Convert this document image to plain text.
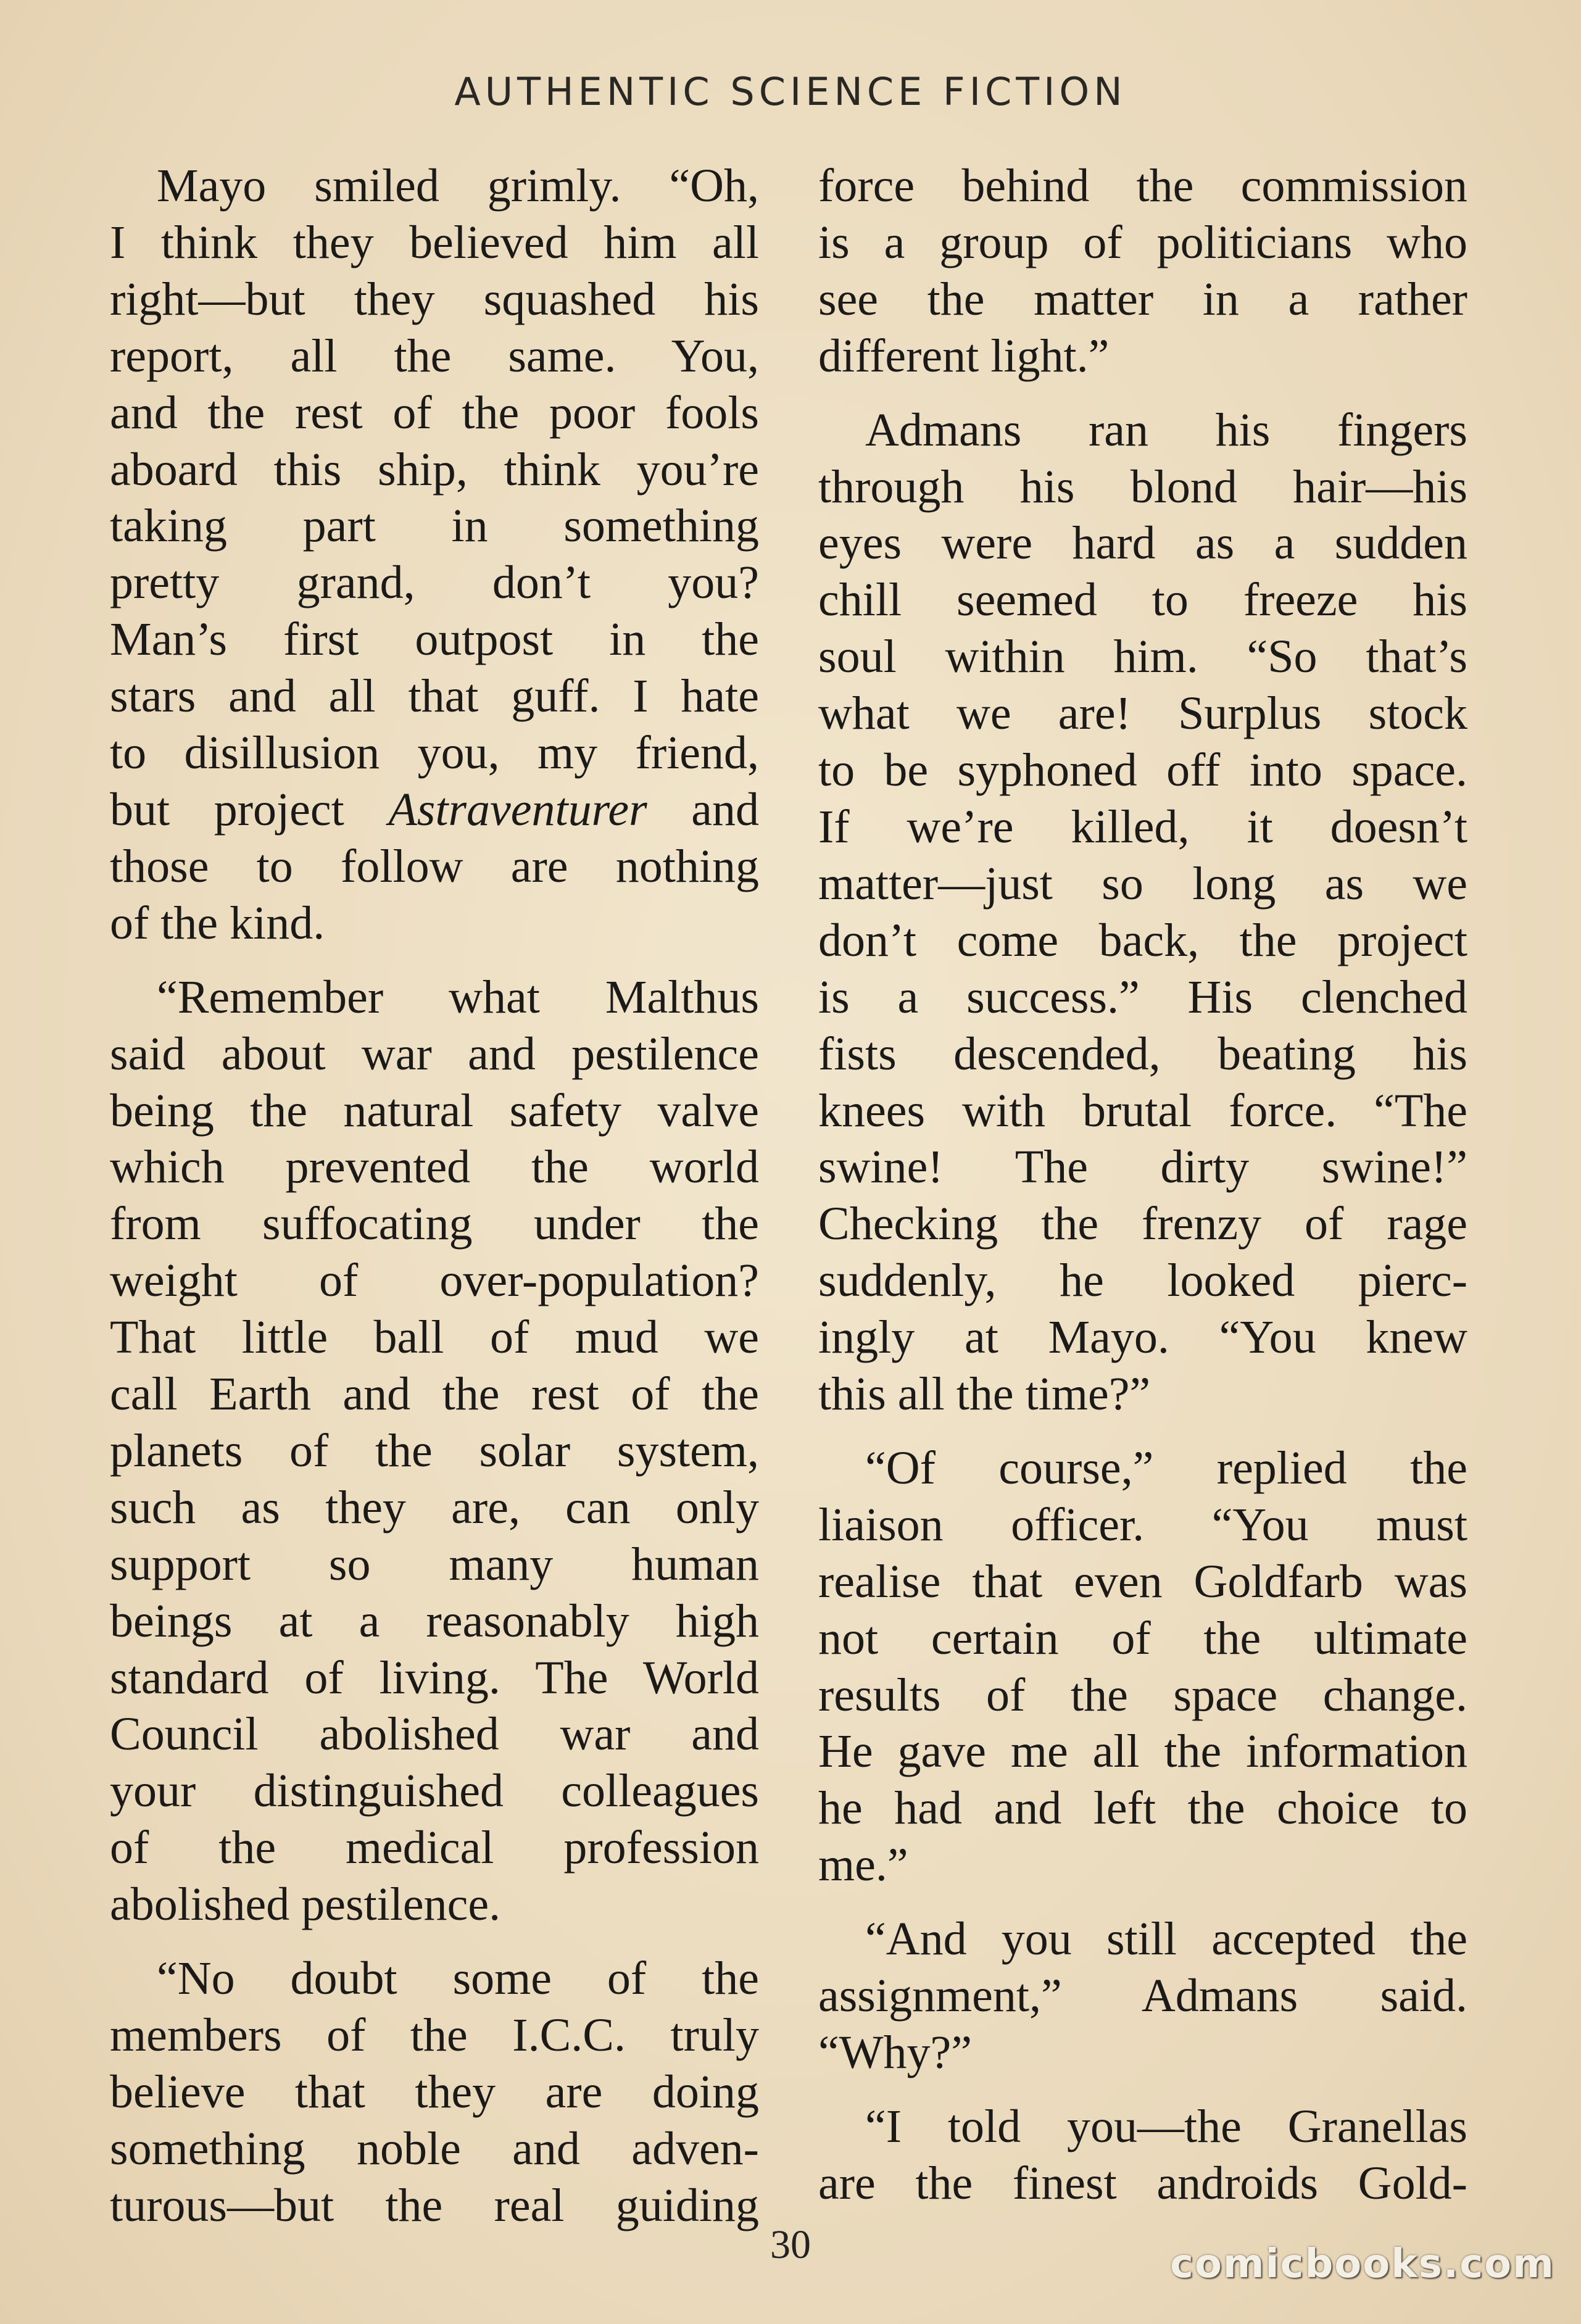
AUTHENTIC SCIENCE FICTION

Mayo smiled grimly. “Oh,
I think they believed him all
right—but they squashed his
report, all the same. You,
and the rest of the poor fools
aboard this ship, think you’re
taking part in something
pretty grand, don’t you?
Man’s first outpost in the
stars and all that guff. I hate
to disillusion you, my friend,

but project Astraventurer and
those to follow are nothing
of the kind.

“Remember what Malthus
said about war and pestilence
being the natural safety valve
which prevented the world
from suffocating under the
weight of over-population?
That little ball of mud we
call Earth and the rest of the
planets of the solar system,
such as they are, can only
support so many human
beings at a reasonably high
standard of living. The World
Council abolished war and
your distinguished colleagues
of the medical profession
abolished pestilence.

“No doubt some of the
members of the I.C.C. truly
believe that they are doing
something noble and adven-
turous—but the real guiding

force behind the commission
is a group of politicians who
see the matter in a rather
different light.”

Admans ran his fingers
through his blond hair—his
eyes were hard as a sudden
chill seemed to freeze his
soul within him. “So that’s
what we are! Surplus stock
to be syphoned off into space.
If we’re killed, it doesn’t
matter—just so long as we
don’t come back, the project
is a success.” His clenched
fists descended, beating his
knees with brutal force. “The
swine! The dirty swine!”
Checking the frenzy of rage
suddenly, he looked pierc-
ingly at Mayo. “You knew
this all the time?”

“Of course,” replied the
liaison officer. “You must
realise that even Goldfarb was
not certain of the ultimate
results of the space change.
He gave me all the information
he had and left the choice to
me.”

“And you still accepted the
assignment,” Admans said.
“Why?”

“I told you—the Granellas
are the finest androids Gold-

30	comicbooks.com
